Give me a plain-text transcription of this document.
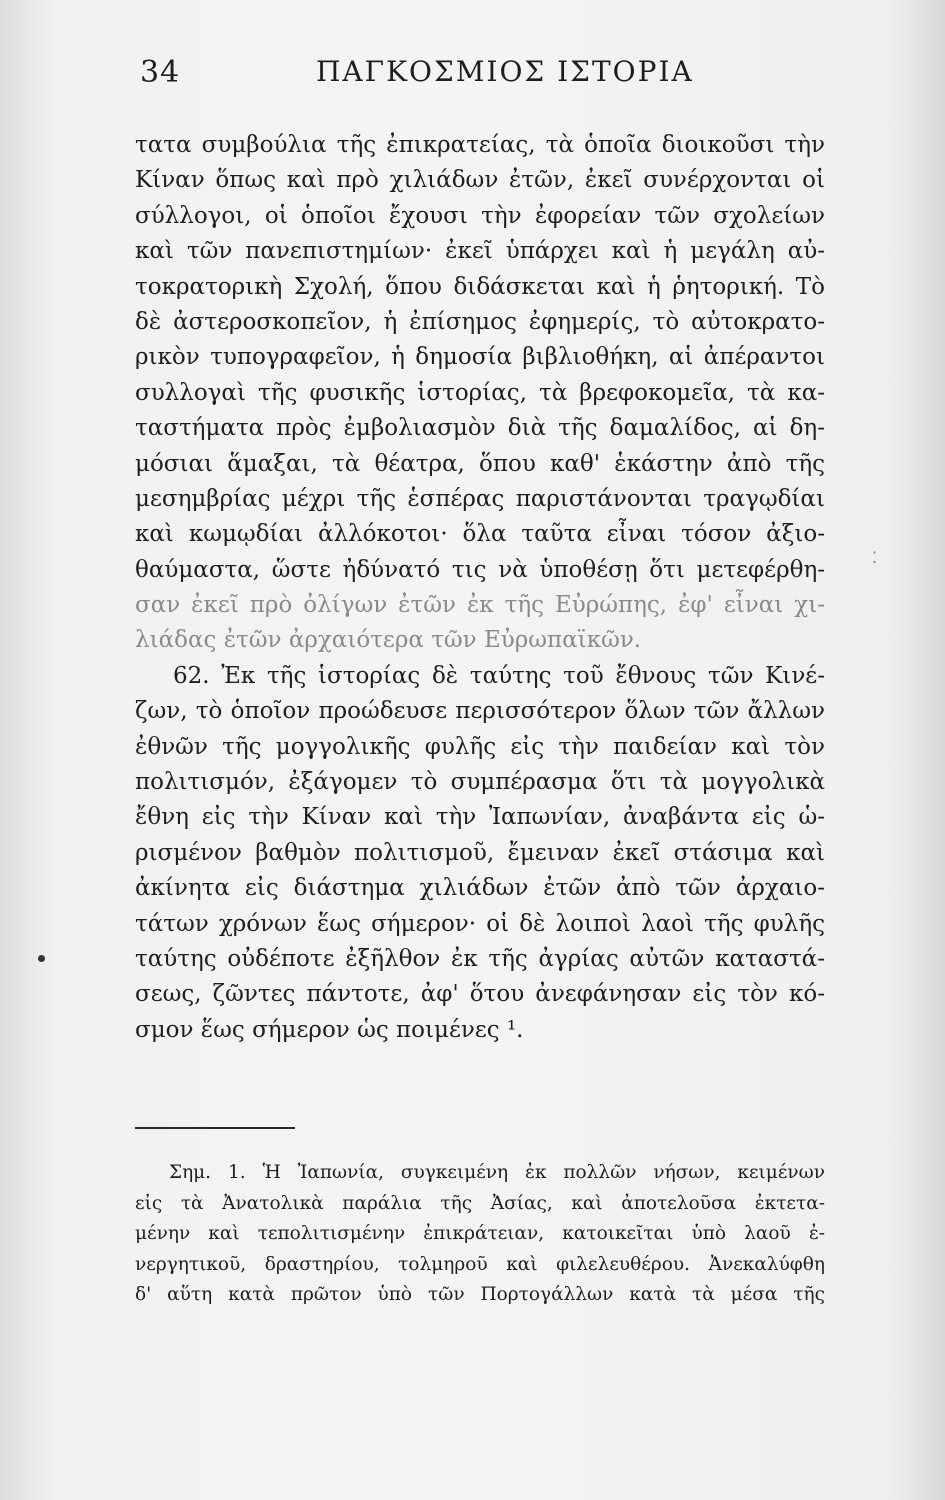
34	ΠΑΓΚΟΣΜΙΟΣ ΙΣΤΟΡΙΑ
τατα συμβούλια τῆς ἐπικρατείας, τὰ ὁποῖα διοικοῦσι τὴν
Κίναν ὅπως καὶ πρὸ χιλιάδων ἐτῶν, ἐκεῖ συνέρχονται οἱ
σύλλογοι, οἱ ὁποῖοι ἔχουσι τὴν ἐφορείαν τῶν σχολείων
καὶ τῶν πανεπιστημίων· ἐκεῖ ὑπάρχει καὶ ἡ μεγάλη αὐ-
τοκρατορικὴ Σχολή, ὅπου διδάσκεται καὶ ἡ ῥητορική. Τὸ
δὲ ἀστεροσκοπεῖον, ἡ ἐπίσημος ἐφημερίς, τὸ αὐτοκρατο-
ρικὸν τυπογραφεῖον, ἡ δημοσία βιβλιοθήκη, αἱ ἀπέραντοι
συλλογαὶ τῆς φυσικῆς ἱστορίας, τὰ βρεφοκομεῖα, τὰ κα-
ταστήματα πρὸς ἐμβολιασμὸν διὰ τῆς δαμαλίδος, αἱ δη-
μόσιαι ἅμαξαι, τὰ θέατρα, ὅπου καθ' ἑκάστην ἀπὸ τῆς
μεσημβρίας μέχρι τῆς ἑσπέρας παριστάνονται τραγῳδίαι
καὶ κωμῳδίαι ἀλλόκοτοι· ὅλα ταῦτα εἶναι τόσον ἀξιο-
θαύμαστα, ὥστε ἠδύνατό τις νὰ ὑποθέσῃ ὅτι μετεφέρθη-
σαν ἐκεῖ πρὸ ὀλίγων ἐτῶν ἐκ τῆς Εὐρώπης, ἐφ' εἶναι χι-
λιάδας ἐτῶν ἀρχαιότερα τῶν Εὐρωπαϊκῶν.
62. Ἐκ τῆς ἱστορίας δὲ ταύτης τοῦ ἔθνους τῶν Κινέ-
ζων, τὸ ὁποῖον προώδευσε περισσότερον ὅλων τῶν ἄλλων
ἐθνῶν τῆς μογγολικῆς φυλῆς εἰς τὴν παιδείαν καὶ τὸν
πολιτισμόν, ἐξάγομεν τὸ συμπέρασμα ὅτι τὰ μογγολικὰ
ἔθνη εἰς τὴν Κίναν καὶ τὴν Ἰαπωνίαν, ἀναβάντα εἰς ὡ-
ρισμένον βαθμὸν πολιτισμοῦ, ἔμειναν ἐκεῖ στάσιμα καὶ
ἀκίνητα εἰς διάστημα χιλιάδων ἐτῶν ἀπὸ τῶν ἀρχαιο-
τάτων χρόνων ἕως σήμερον· οἱ δὲ λοιποὶ λαοὶ τῆς φυλῆς
ταύτης οὐδέποτε ἐξῆλθον ἐκ τῆς ἀγρίας αὐτῶν καταστά-
σεως, ζῶντες πάντοτε, ἀφ' ὅτου ἀνεφάνησαν εἰς τὸν κό-
σμον ἕως σήμερον ὡς ποιμένες ¹.
Σημ. 1. Ἡ Ἰαπωνία, συγκειμένη ἐκ πολλῶν νήσων, κειμένων
εἰς τὰ Ἀνατολικὰ παράλια τῆς Ἀσίας, καὶ ἀποτελοῦσα ἐκτετα-
μένην καὶ τεπολιτισμένην ἐπικράτειαν, κατοικεῖται ὑπὸ λαοῦ ἐ-
νεργητικοῦ, δραστηρίου, τολμηροῦ καὶ φιλελευθέρου. Ἀνεκαλύφθη
δ' αὕτη κατὰ πρῶτον ὑπὸ τῶν Πορτογάλλων κατὰ τὰ μέσα τῆς
⁚
